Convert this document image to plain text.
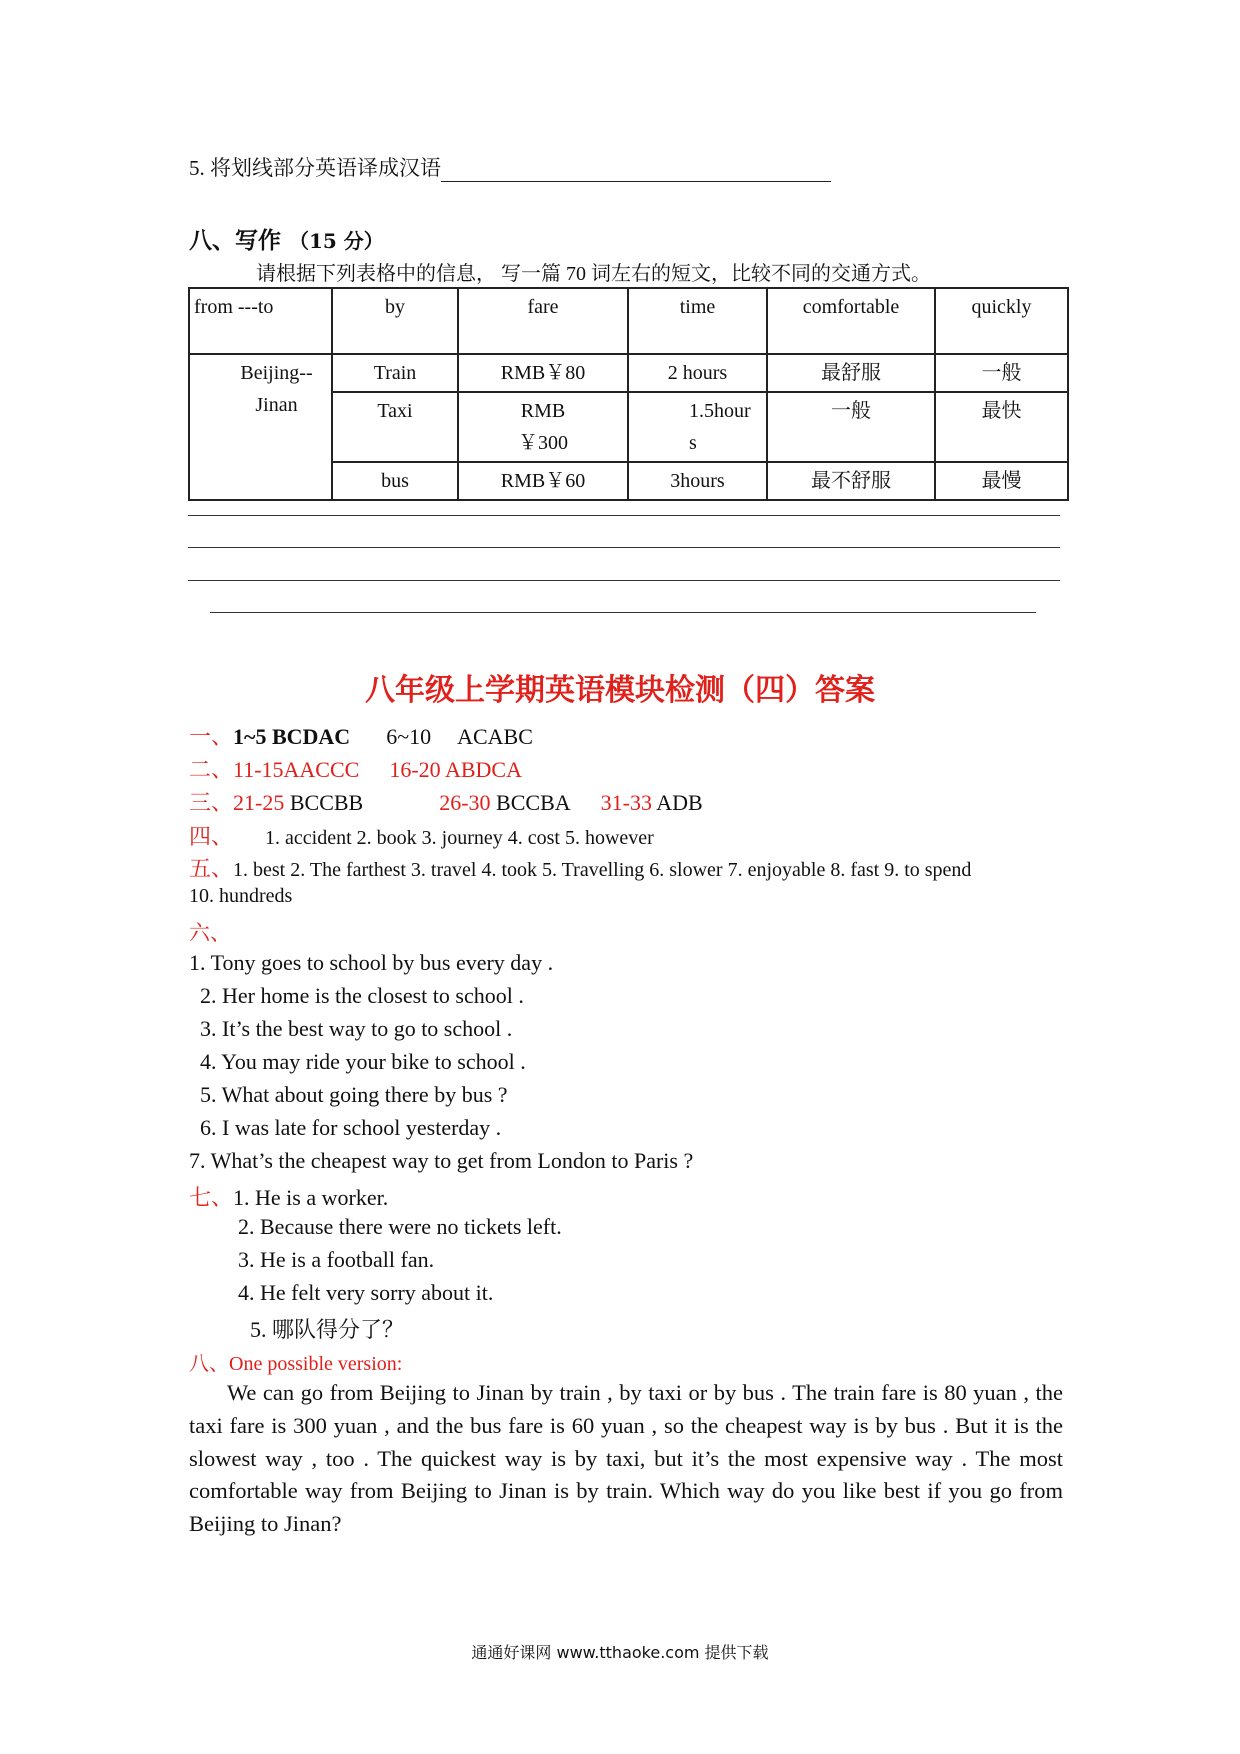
5. 将划线部分英语译成汉语
八、写作 （15 分）
请根据下列表格中的信息， 写一篇 70 词左右的短文，比较不同的交通方式。
from ---to	by	fare	time	comfortable	quickly
Beijing--Jinan	Train	RMB￥80	2 hours	最舒服	一般
	Taxi	RMB ￥300	1.5hours	一般	最快
	bus	RMB￥60	3hours	最不舒服	最慢
八年级上学期英语模块检测（四）答案
一、1~5 BCDAC 6~10 ACABC
二、11-15AACCC 16-20 ABDCA
三、21-25 BCCBB	26-30 BCCBA 31-33 ADB
四、 1. accident 2. book 3. journey 4. cost 5. however
五、1. best 2. The farthest 3. travel 4. took 5. Travelling 6. slower 7. enjoyable 8. fast 9. to spend
10. hundreds
六、
1. Tony goes to school by bus every day .
2. Her home is the closest to school .
3. It’s the best way to go to school .
4. You may ride your bike to school .
5. What about going there by bus ?
6. I was late for school yesterday .
7. What’s the cheapest way to get from London to Paris ?
七、1. He is a worker.
2. Because there were no tickets left.
3. He is a football fan.
4. He felt very sorry about it.
5. 哪队得分了？
八、One possible version:
We can go from Beijing to Jinan by train , by taxi or by bus . The train fare is 80 yuan , the taxi fare is 300 yuan , and the bus fare is 60 yuan , so the cheapest way is by bus . But it is the slowest way , too . The quickest way is by taxi, but it’s the most expensive way . The most comfortable way from Beijing to Jinan is by train. Which way do you like best if you go from Beijing to Jinan?
通通好课网 www.tthaoke.com 提供下载
